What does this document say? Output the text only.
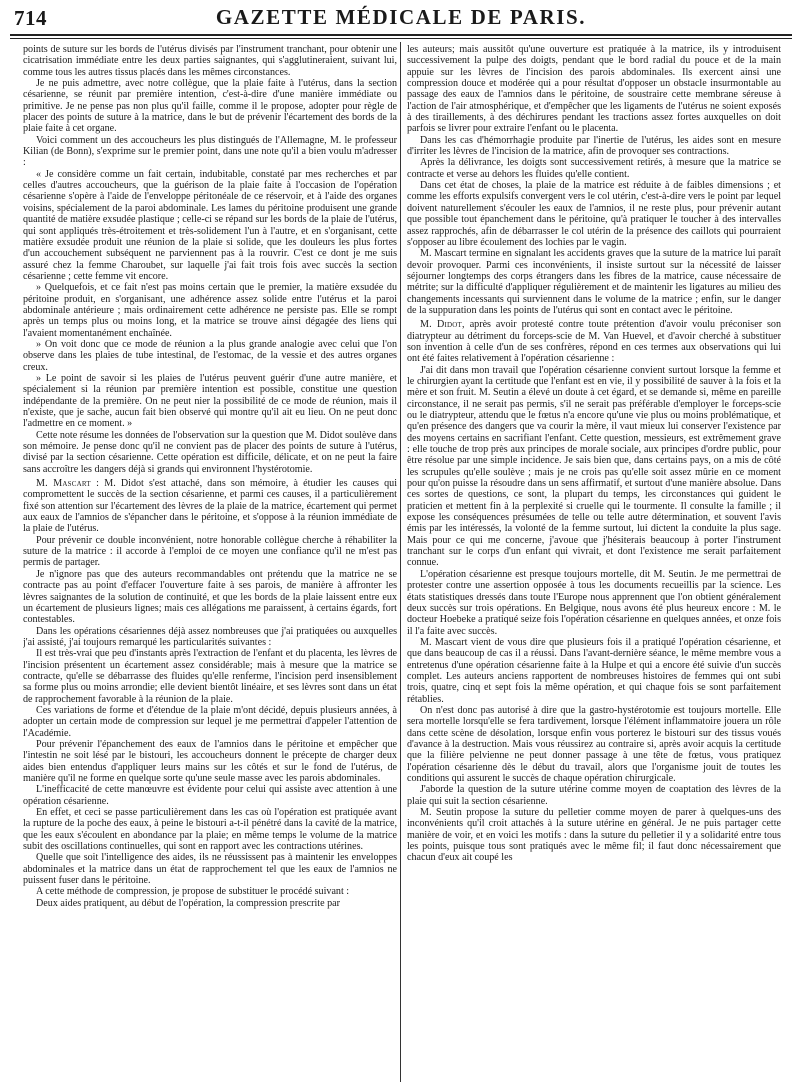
714	GAZETTE MÉDICALE DE PARIS.

points de suture sur les bords de l'utérus divisés par l'instrument tranchant, pour obtenir une cicatrisation immédiate entre les deux parties saignantes, qui s'agglutineraient, suivant lui, comme tous les autres tissus placés dans les mêmes circonstances.

Je ne puis admettre, avec notre collègue, que la plaie faite à l'utérus, dans la section césarienne, se réunit par première intention, c'est-à-dire d'une manière immédiate ou primitive. Je ne pense pas non plus qu'il faille, comme il le propose, adopter pour règle de placer des points de suture à la matrice, dans le but de prévenir l'écartement des bords de la plaie faite à cet organe.

Voici comment un des accoucheurs les plus distingués de l'Allemagne, M. le professeur Kilian (de Bonn), s'exprime sur le premier point, dans une note qu'il a bien voulu m'adresser :

« Je considère comme un fait certain, indubitable, constaté par mes recherches et par celles d'autres accoucheurs, que la guérison de la plaie faite à l'occasion de l'opération césarienne s'opère à l'aide de l'enveloppe péritonéale de ce réservoir, et à l'aide des organes voisins, spécialement de la paroi abdominale. Les lames du péritoine produisent une grande quantité de matière exsudée plastique ; celle-ci se répand sur les bords de la plaie de l'utérus, qui sont appliqués très-étroitement et très-solidement l'un à l'autre, et en s'organisant, cette matière exsudée produit une réunion de la plaie si solide, que les douleurs les plus fortes d'un accouchement subséquent ne parviennent pas à la rouvrir. C'est ce dont je me suis assuré chez la femme Charoubet, sur laquelle j'ai fait trois fois avec succès la section césarienne ; cette femme vit encore.

» Quelquefois, et ce fait n'est pas moins certain que le premier, la matière exsudée du péritoine produit, en s'organisant, une adhérence assez solide entre l'utérus et la paroi abdominale antérieure ; mais ordinairement cette adhérence ne persiste pas. Elle se rompt après un temps plus ou moins long, et la matrice se trouve ainsi dégagée des liens qui l'avaient momentanément enchaînée.

» On voit donc que ce mode de réunion a la plus grande analogie avec celui que l'on observe dans les plaies de tube intestinal, de l'estomac, de la vessie et des autres organes creux.

» Le point de savoir si les plaies de l'utérus peuvent guérir d'une autre manière, et spécialement si la réunion par première intention est possible, constitue une question indépendante de la première. On ne peut nier la possibilité de ce mode de réunion, mais il n'existe, que je sache, aucun fait bien observé qui montre qu'il ait eu lieu. On ne peut donc l'admettre en ce moment. »

Cette note résume les données de l'observation sur la question que M. Didot soulève dans son mémoire. Je pense donc qu'il ne convient pas de placer des points de suture à l'utérus, divisé par la section césarienne. Cette opération est difficile, délicate, et on ne peut la faire sans accroître les dangers déjà si grands qui environnent l'hystérotomie.

M. Mascart : M. Didot s'est attaché, dans son mémoire, à étudier les causes qui compromettent le succès de la section césarienne, et parmi ces causes, il a particulièrement fixé son attention sur l'écartement des lèvres de la plaie de la matrice, écartement qui permet aux eaux de l'amnios de s'épancher dans le péritoine, et s'oppose à la réunion immédiate de la plaie de l'utérus.

Pour prévenir ce double inconvénient, notre honorable collègue cherche à réhabiliter la suture de la matrice : il accorde à l'emploi de ce moyen une confiance qu'il ne m'est pas permis de partager.

Je n'ignore pas que des auteurs recommandables ont prétendu que la matrice ne se contracte pas au point d'effacer l'ouverture faite à ses parois, de manière à affronter les lèvres saignantes de la solution de continuité, et que les bords de la plaie laissent entre eux un écartement de plusieurs lignes; mais ces allégations me paraissent, à certains égards, fort contestables.

Dans les opérations césariennes déjà assez nombreuses que j'ai pratiquées ou auxquelles j'ai assisté, j'ai toujours remarqué les particularités suivantes :

Il est très-vrai que peu d'instants après l'extraction de l'enfant et du placenta, les lèvres de l'incision présentent un écartement assez considérable; mais à mesure que la matrice se contracte, qu'elle se débarrasse des fluides qu'elle renferme, l'incision perd insensiblement sa forme plus ou moins arrondie; elle devient bientôt linéaire, et ses lèvres sont dans un état de rapprochement favorable à la réunion de la plaie.

Ces variations de forme et d'étendue de la plaie m'ont décidé, depuis plusieurs années, à adopter un certain mode de compression sur lequel je me permettrai d'appeler l'attention de l'Académie.

Pour prévenir l'épanchement des eaux de l'amnios dans le péritoine et empêcher que l'intestin ne soit lésé par le bistouri, les accoucheurs donnent le précepte de charger deux aides bien entendus d'appliquer leurs mains sur les côtés et sur le fond de l'utérus, de manière qu'il ne forme en quelque sorte qu'une seule masse avec les parois abdominales.

L'inefficacité de cette manœuvre est évidente pour celui qui assiste avec attention à une opération césarienne.

En effet, et ceci se passe particulièrement dans les cas où l'opération est pratiquée avant la rupture de la poche des eaux, à peine le bistouri a-t-il pénétré dans la cavité de la matrice, que les eaux s'écoulent en abondance par la plaie; en même temps le volume de la matrice subit des oscillations continuelles, qui sont en rapport avec les contractions utérines.

Quelle que soit l'intelligence des aides, ils ne réussissent pas à maintenir les enveloppes abdominales et la matrice dans un état de rapprochement tel que les eaux de l'amnios ne puissent fuser dans le péritoine.

A cette méthode de compression, je propose de substituer le procédé suivant :

Deux aides pratiquent, au début de l'opération, la compression prescrite par

les auteurs; mais aussitôt qu'une ouverture est pratiquée à la matrice, ils y introduisent successivement la pulpe des doigts, pendant que le bord radial du pouce et de la main appuie sur les lèvres de l'incision des parois abdominales. Ils exercent ainsi une compression douce et modérée qui a pour résultat d'opposer un obstacle insurmontable au passage des eaux de l'amnios dans le péritoine, de soustraire cette membrane séreuse à l'action de l'air atmosphérique, et d'empêcher que les ligaments de l'utérus ne soient exposés à des tiraillements, à des déchirures pendant les tractions assez fortes auxquelles on doit parfois se livrer pour extraire l'enfant ou le placenta.

Dans les cas d'hémorrhagie produite par l'inertie de l'utérus, les aides sont en mesure d'irriter les lèvres de l'incision de la matrice, afin de provoquer ses contractions.

Après la délivrance, les doigts sont successivement retirés, à mesure que la matrice se contracte et verse au dehors les fluides qu'elle contient.

Dans cet état de choses, la plaie de la matrice est réduite à de faibles dimensions ; et comme les efforts expulsifs convergent vers le col utérin, c'est-à-dire vers le point par lequel doivent naturellement s'écouler les eaux de l'amnios, il ne reste plus, pour prévenir autant que possible tout épanchement dans le péritoine, qu'à pratiquer le toucher à des intervalles assez rapprochés, afin de débarrasser le col utérin de la présence des caillots qui pourraient s'opposer au libre écoulement des lochies par le vagin.

M. Mascart termine en signalant les accidents graves que la suture de la matrice lui paraît devoir provoquer. Parmi ces inconvénients, il insiste surtout sur la nécessité de laisser séjourner longtemps des corps étrangers dans les fibres de la matrice, cause nécessaire de métrite; sur la difficulté d'appliquer régulièrement et de maintenir les ligatures au milieu des changements incessants qui surviennent dans le volume de la matrice ; enfin, sur le danger de la suppuration dans les points de l'utérus qui sont en contact avec le péritoine.

M. Didot, après avoir protesté contre toute prétention d'avoir voulu préconiser son diatrypteur au détriment du forceps-scie de M. Van Huevel, et d'avoir cherché à substituer son invention à celle d'un de ses confrères, répond en ces termes aux observations qui lui ont été faites relativement à l'opération césarienne :

J'ai dit dans mon travail que l'opération césarienne convient surtout lorsque la femme et le chirurgien ayant la certitude que l'enfant est en vie, il y possibilité de sauver à la fois et la mère et son fruit. M. Seutin a élevé un doute à cet égard, et se demande si, même en pareille circonstance, il ne serait pas permis, s'il ne serait pas préférable d'employer le forceps-scie ou le diatrypteur, attendu que le fœtus n'a encore qu'une vie plus ou moins problématique, et qu'en présence des dangers que va courir la mère, il vaut mieux lui conserver l'existence par des moyens certains en sacrifiant l'enfant. Cette question, messieurs, est extrêmement grave : elle touche de trop près aux principes de morale sociale, aux principes d'ordre public, pour être résolue par une simple incidence. Je sais bien que, dans certains pays, on a mis de côté les scrupules qu'elle soulève ; mais je ne crois pas qu'elle soit assez mûrie en ce moment pour qu'on puisse la résoudre dans un sens affirmatif, et surtout d'une manière absolue. Dans ces sortes de questions, ce sont, la plupart du temps, les circonstances qui guident le praticien et mettent fin à la perplexité si cruelle qui le tourmente. Il consulte la famille ; il expose les conséquences présumées de telle ou telle autre détermination, et souvent l'avis émis par les intéressés, la volonté de la femme surtout, lui dictent la conduite la plus sage. Mais pour ce qui me concerne, j'avoue que j'hésiterais beaucoup à porter l'instrument tranchant sur le corps d'un enfant qui vivrait, et dont l'existence me serait parfaitement connue.

L'opération césarienne est presque toujours mortelle, dit M. Seutin. Je me permettrai de protester contre une assertion opposée à tous les documents recueillis par la science. Les états statistiques dressés dans toute l'Europe nous apprennent que l'on obtient généralement deux succès sur trois opérations. En Belgique, nous avons été plus heureux encore : M. le docteur Hoebeke a pratiqué seize fois l'opération césarienne en quelques années, et onze fois il l'a faite avec succès.

M. Mascart vient de vous dire que plusieurs fois il a pratiqué l'opération césarienne, et que dans beaucoup de cas il a réussi. Dans l'avant-dernière séance, le même membre vous a entretenus d'une opération césarienne faite à la Hulpe et qui a encore été suivie d'un succès complet. Les auteurs anciens rapportent de nombreuses histoires de femmes qui ont subi trois, quatre, cinq et sept fois la même opération, et qui chaque fois se sont parfaitement rétablies.

On n'est donc pas autorisé à dire que la gastro-hystérotomie est toujours mortelle. Elle sera mortelle lorsqu'elle se fera tardivement, lorsque l'élément inflammatoire jouera un rôle dans cette scène de désolation, lorsque enfin vous porterez le bistouri sur des tissus voués d'avance à la destruction. Mais vous réussirez au contraire si, après avoir acquis la certitude que la filière pelvienne ne peut donner passage à une tête de fœtus, vous pratiquez l'opération césarienne dès le début du travail, alors que l'organisme jouit de toutes les conditions qui assurent le succès de chaque opération chirurgicale.

J'aborde la question de la suture utérine comme moyen de coaptation des lèvres de la plaie qui suit la section césarienne.

M. Seutin propose la suture du pelletier comme moyen de parer à quelques-uns des inconvénients qu'il croit attachés à la suture utérine en général. Je ne puis partager cette manière de voir, et en voici les motifs : dans la suture du pelletier il y a solidarité entre tous les points, puisque tous sont pratiqués avec le même fil; il faut donc nécessairement que chacun d'eux ait coupé les
